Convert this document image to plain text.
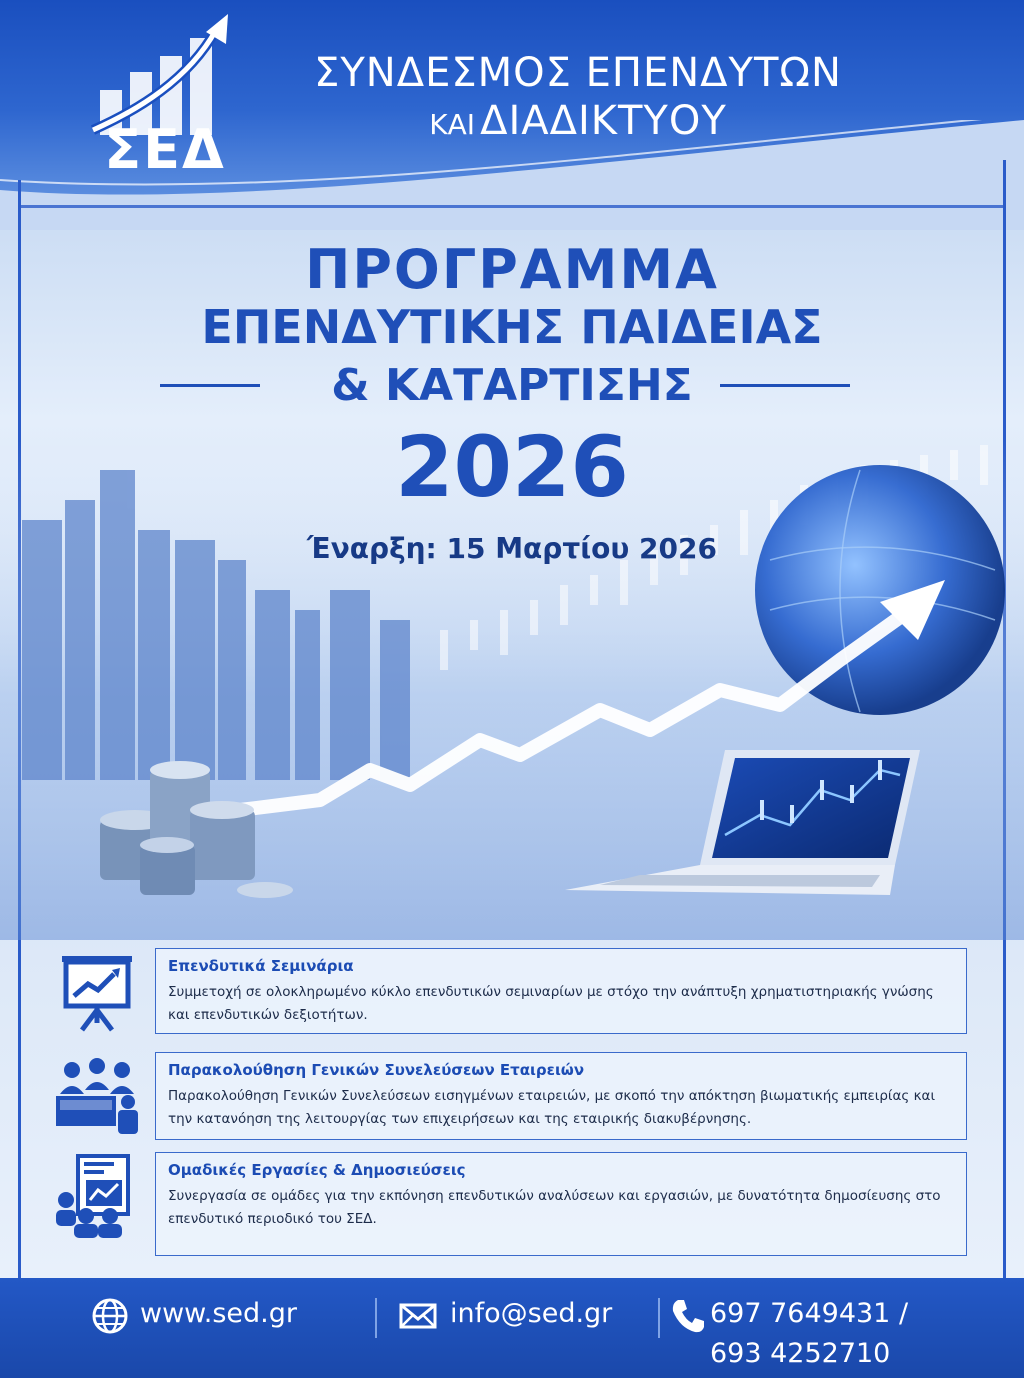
ΣΕΔ
ΣΥΝΔΕΣΜΟΣ ΕΠΕΝΔΥΤΩΝ
ΚΑΙ ΔΙΑΔΙΚΤΥΟΥ
ΠΡΟΓΡΑΜΜΑ
ΕΠΕΝΔΥΤΙΚΗΣ ΠΑΙΔΕΙΑΣ
& ΚΑΤΑΡΤΙΣΗΣ
2026
Έναρξη: 15 Μαρτίου 2026
Επενδυτικά Σεμινάρια
Συμμετοχή σε ολοκληρωμένο κύκλο επενδυτικών σεμιναρίων με στόχο την ανάπτυξη χρηματιστηριακής γνώσης και επενδυτικών δεξιοτήτων.
Παρακολούθηση Γενικών Συνελεύσεων Εταιρειών
Παρακολούθηση Γενικών Συνελεύσεων εισηγμένων εταιρειών, με σκοπό την απόκτηση βιωματικής εμπειρίας και την κατανόηση της λειτουργίας των επιχειρήσεων και της εταιρικής διακυβέρνησης.
Ομαδικές Εργασίες & Δημοσιεύσεις
Συνεργασία σε ομάδες για την εκπόνηση επενδυτικών αναλύσεων και εργασιών, με δυνατότητα δημοσίευσης στο επενδυτικό περιοδικό του ΣΕΔ.
www.sed.gr	info@sed.gr	697 7649431 /
693 4252710
